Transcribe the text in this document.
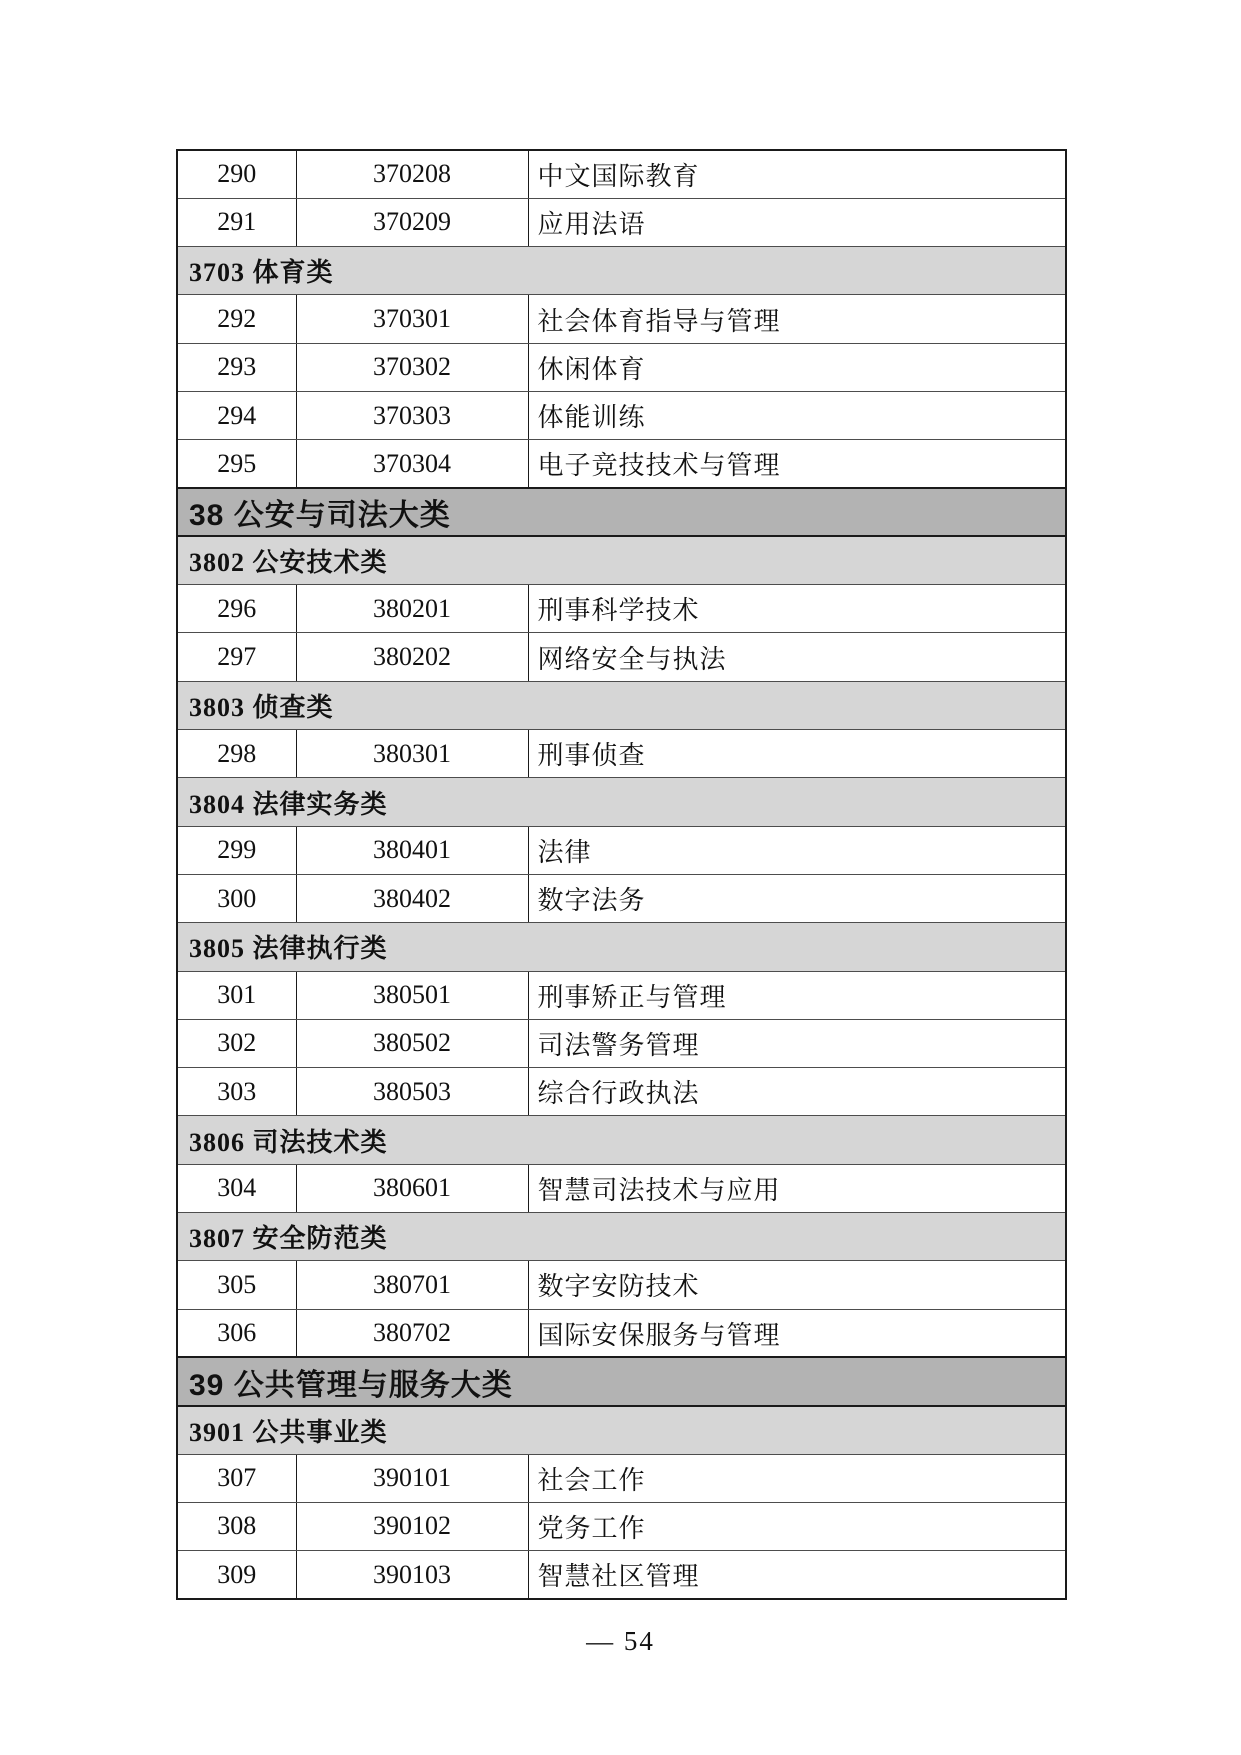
290	370208	中文国际教育
291	370209	应用法语
3703 体育类		
292	370301	社会体育指导与管理
293	370302	休闲体育
294	370303	体能训练
295	370304	电子竞技技术与管理
38 公安与司法大类		
3802 公安技术类		
296	380201	刑事科学技术
297	380202	网络安全与执法
3803 侦查类		
298	380301	刑事侦查
3804 法律实务类		
299	380401	法律
300	380402	数字法务
3805 法律执行类		
301	380501	刑事矫正与管理
302	380502	司法警务管理
303	380503	综合行政执法
3806 司法技术类		
304	380601	智慧司法技术与应用
3807 安全防范类		
305	380701	数字安防技术
306	380702	国际安保服务与管理
39 公共管理与服务大类		
3901 公共事业类		
307	390101	社会工作
308	390102	党务工作
309	390103	智慧社区管理
— 54
